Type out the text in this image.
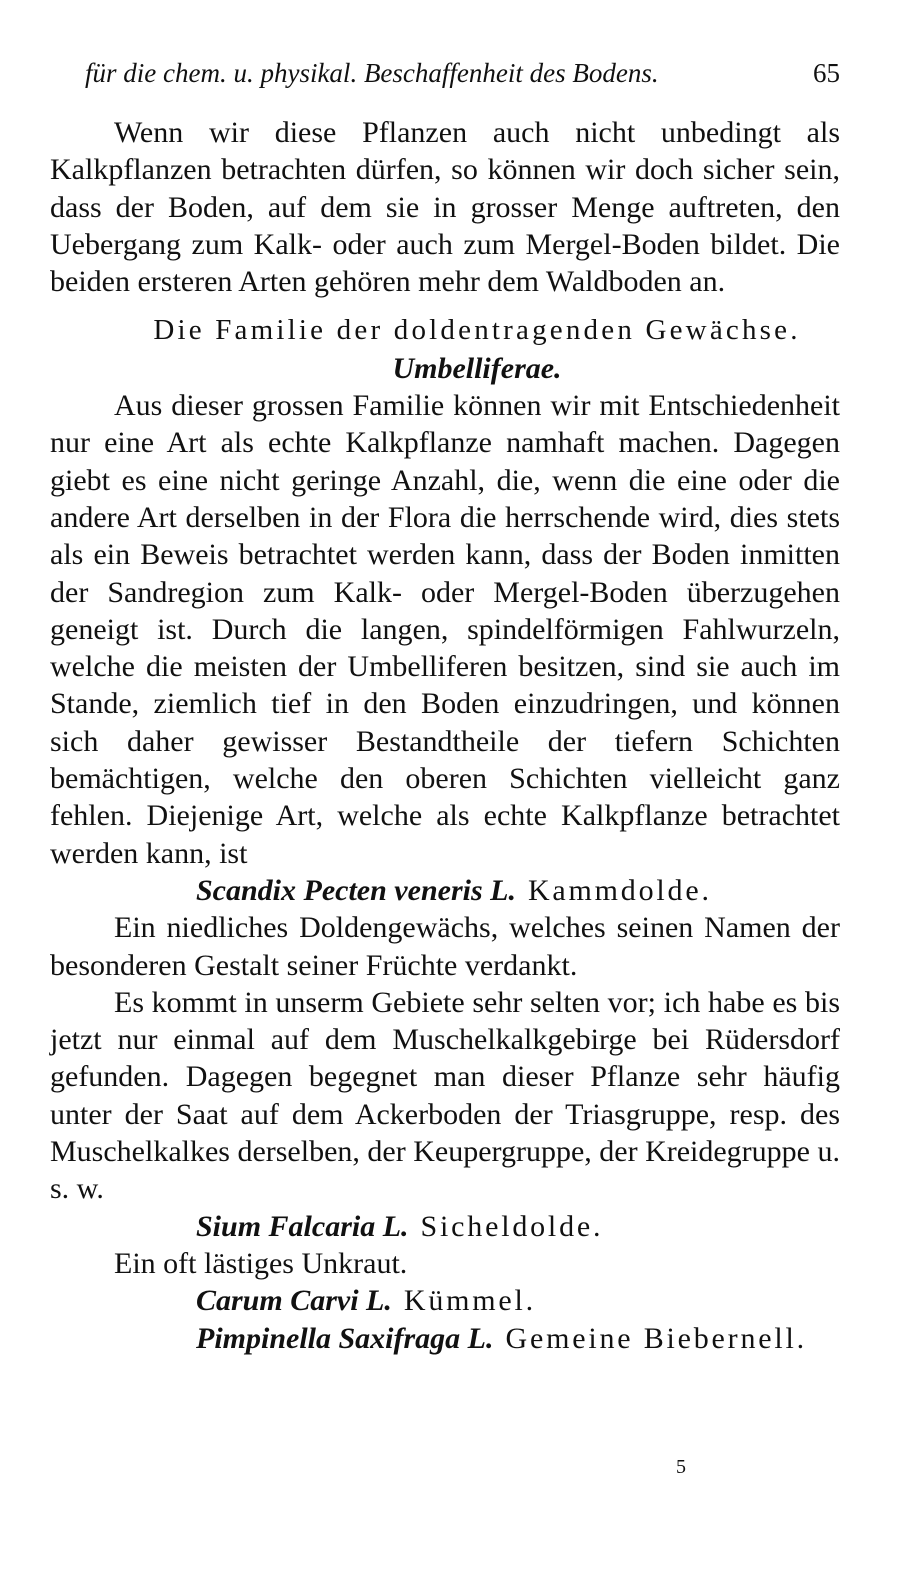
für die chem. u. physikal. Beschaffenheit des Bodens.	65

Wenn wir diese Pflanzen auch nicht unbedingt als Kalkpflanzen betrachten dürfen, so können wir doch sicher sein, dass der Boden, auf dem sie in grosser Menge auftreten, den Uebergang zum Kalk- oder auch zum Mergel-Boden bildet. Die beiden ersteren Arten gehören mehr dem Waldboden an.

Die Familie der doldentragenden Gewächse.

Umbelliferae.

Aus dieser grossen Familie können wir mit Entschiedenheit nur eine Art als echte Kalkpflanze namhaft machen. Dagegen giebt es eine nicht geringe Anzahl, die, wenn die eine oder die andere Art derselben in der Flora die herrschende wird, dies stets als ein Beweis betrachtet werden kann, dass der Boden inmitten der Sandregion zum Kalk- oder Mergel-Boden überzugehen geneigt ist. Durch die langen, spindelförmigen Fahlwurzeln, welche die meisten der Umbelliferen besitzen, sind sie auch im Stande, ziemlich tief in den Boden einzudringen, und können sich daher gewisser Bestandtheile der tiefern Schichten bemächtigen, welche den oberen Schichten vielleicht ganz fehlen. Diejenige Art, welche als echte Kalkpflanze betrachtet werden kann, ist

Scandix Pecten veneris L. Kammdolde.

Ein niedliches Doldengewächs, welches seinen Namen der besonderen Gestalt seiner Früchte verdankt.

Es kommt in unserm Gebiete sehr selten vor; ich habe es bis jetzt nur einmal auf dem Muschelkalkgebirge bei Rüdersdorf gefunden. Dagegen begegnet man dieser Pflanze sehr häufig unter der Saat auf dem Ackerboden der Triasgruppe, resp. des Muschelkalkes derselben, der Keupergruppe, der Kreidegruppe u. s. w.

Sium Falcaria L. Sicheldolde.

Ein oft lästiges Unkraut.

Carum Carvi L. Kümmel.

Pimpinella Saxifraga L. Gemeine Biebernell.

5
